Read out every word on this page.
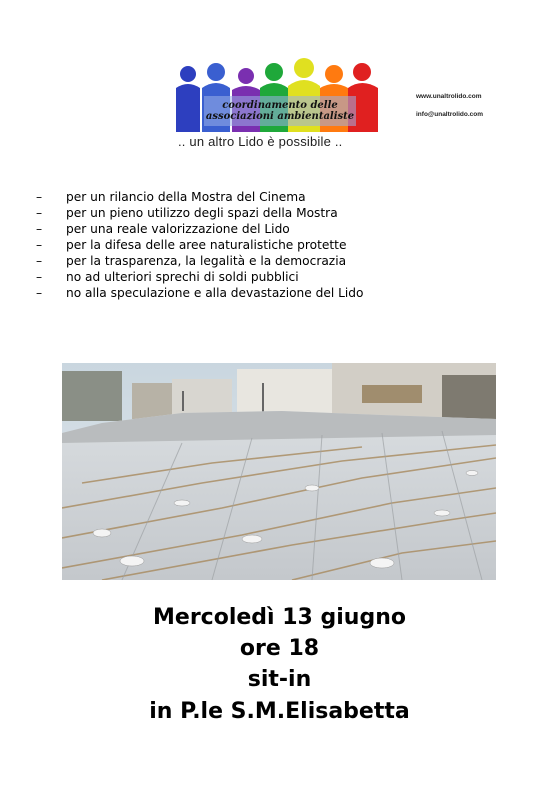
coordinamento delle
associazioni ambientaliste
.. un altro Lido è possibile ..
www.unaltrolido.com
info@unaltrolido.com
– per un rilancio della Mostra del Cinema
– per un pieno utilizzo degli spazi della Mostra
– per una reale valorizzazione del Lido
– per la difesa delle aree naturalistiche protette
– per la trasparenza, la legalità e la democrazia
– no ad ulteriori sprechi di soldi pubblici
– no alla speculazione e alla devastazione del Lido
Mercoledì 13 giugno
ore 18
sit-in
in P.le S.M.Elisabetta
